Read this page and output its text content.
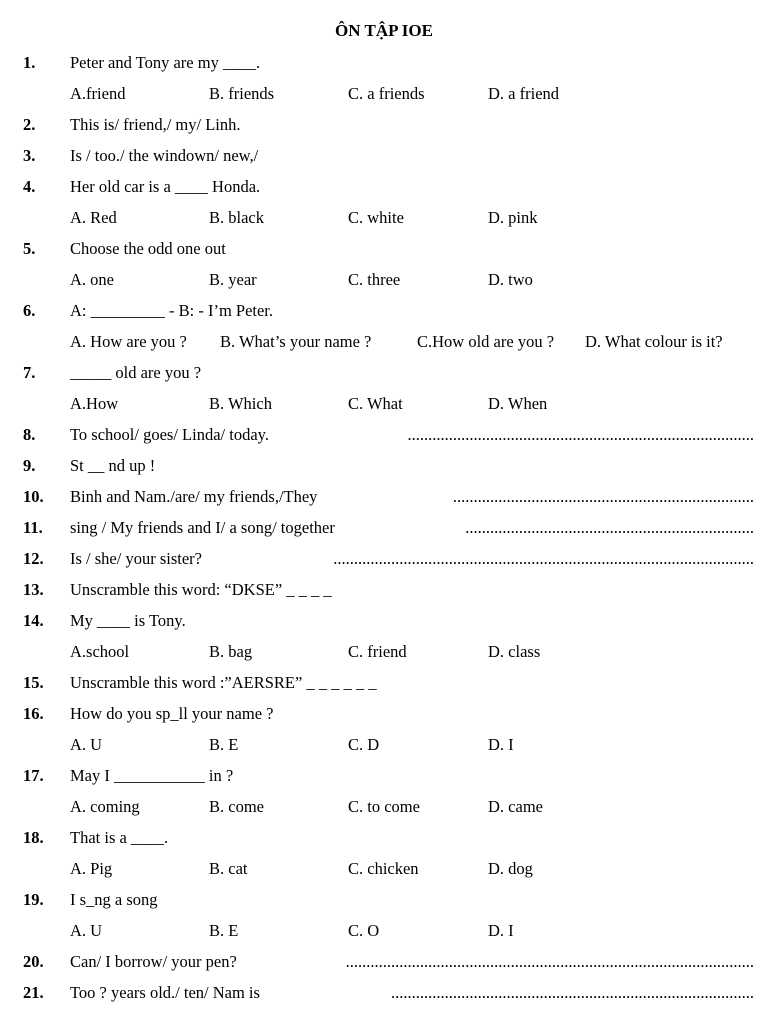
ÔN TẬP IOE
1. Peter and Tony are my ____.
A.friend	B. friends	C. a friends	D. a friend
2. This is/ friend,/ my/ Linh.
3. Is / too./ the windown/ new,/
4. Her old car is a ____ Honda.
A. Red	B. black	C. white	D. pink
5. Choose the odd one out
A. one	B. year	C. three	D. two
6. A: _________ - B: - I’m Peter.
A. How are you ? B. What’s your name ?	C.How old are you ? D. What colour is it?
7. _____ old are you ?
A.How	B. Which	C. What	D. When
8. To school/ goes/ Linda/ today.	....................................................................................
9. St __ nd up !
10. Binh and Nam./are/ my friends,/They	.........................................................................
11. sing / My friends and I/ a song/ together	......................................................................
12. Is / she/ your sister?	......................................................................................................
13. Unscramble this word: “DKSE” _ _ _ _
14. My ____ is Tony.
A.school	B. bag	C. friend	D. class
15. Unscramble this word :”AERSRE” _ _ _ _ _ _
16. How do you sp_ll your name ?
A. U	B. E	C. D	D. I
17. May I ___________ in ?
A. coming	B. come	C. to come	D. came
18. That is a ____.
A. Pig	B. cat	C. chicken	D. dog
19. I s_ng a song
A. U	B. E	C. O	D. I
20. Can/ I borrow/ your pen?	...................................................................................................
21. Too ? years old./ ten/ Nam is	........................................................................................
